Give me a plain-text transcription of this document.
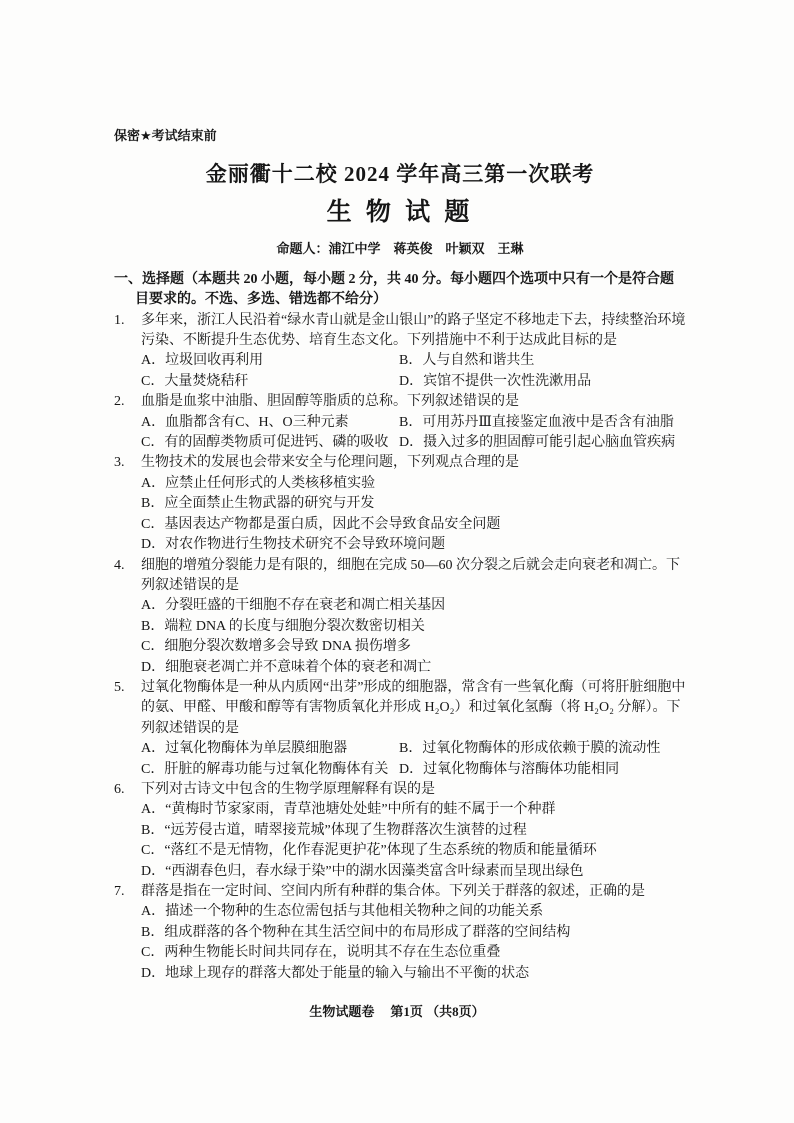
保密★考试结束前
金丽衢十二校 2024 学年高三第一次联考
生 物 试 题
命题人：浦江中学　蒋英俊　叶颖双　王琳
一、选择题（本题共 20 小题，每小题 2 分，共 40 分。每小题四个选项中只有一个是符合题目要求的。不选、多选、错选都不给分）
1. 多年来，浙江人民沿着“绿水青山就是金山银山”的路子坚定不移地走下去，持续整治环境污染、不断提升生态优势、培育生态文化。下列措施中不利于达成此目标的是
A．垃圾回收再利用	B．人与自然和谐共生
C．大量焚烧秸秆	D．宾馆不提供一次性洗漱用品
2. 血脂是血浆中油脂、胆固醇等脂质的总称。下列叙述错误的是
A．血脂都含有C、H、O三种元素	B．可用苏丹Ⅲ直接鉴定血液中是否含有油脂
C．有的固醇类物质可促进钙、磷的吸收 D．摄入过多的胆固醇可能引起心脑血管疾病
3. 生物技术的发展也会带来安全与伦理问题，下列观点合理的是
A．应禁止任何形式的人类核移植实验
B．应全面禁止生物武器的研究与开发
C．基因表达产物都是蛋白质，因此不会导致食品安全问题
D．对农作物进行生物技术研究不会导致环境问题
4. 细胞的增殖分裂能力是有限的，细胞在完成 50—60 次分裂之后就会走向衰老和凋亡。下列叙述错误的是
A．分裂旺盛的干细胞不存在衰老和凋亡相关基因
B．端粒 DNA 的长度与细胞分裂次数密切相关
C．细胞分裂次数增多会导致 DNA 损伤增多
D．细胞衰老凋亡并不意味着个体的衰老和凋亡
5. 过氧化物酶体是一种从内质网“出芽”形成的细胞器，常含有一些氧化酶（可将肝脏细胞中的氨、甲醛、甲酸和醇等有害物质氧化并形成 H₂O₂）和过氧化氢酶（将 H₂O₂ 分解）。下列叙述错误的是
A．过氧化物酶体为单层膜细胞器	B．过氧化物酶体的形成依赖于膜的流动性
C．肝脏的解毒功能与过氧化物酶体有关 D．过氧化物酶体与溶酶体功能相同
6. 下列对古诗文中包含的生物学原理解释有误的是
A．“黄梅时节家家雨，青草池塘处处蛙”中所有的蛙不属于一个种群
B．“远芳侵古道，晴翠接荒城”体现了生物群落次生演替的过程
C．“落红不是无情物，化作春泥更护花”体现了生态系统的物质和能量循环
D．“西湖春色归，春水绿于染”中的湖水因藻类富含叶绿素而呈现出绿色
7. 群落是指在一定时间、空间内所有种群的集合体。下列关于群落的叙述，正确的是
A．描述一个物种的生态位需包括与其他相关物种之间的功能关系
B．组成群落的各个物种在其生活空间中的布局形成了群落的空间结构
C．两种生物能长时间共同存在，说明其不存在生态位重叠
D．地球上现存的群落大都处于能量的输入与输出不平衡的状态
生物试题卷 第1页 （共8页）
